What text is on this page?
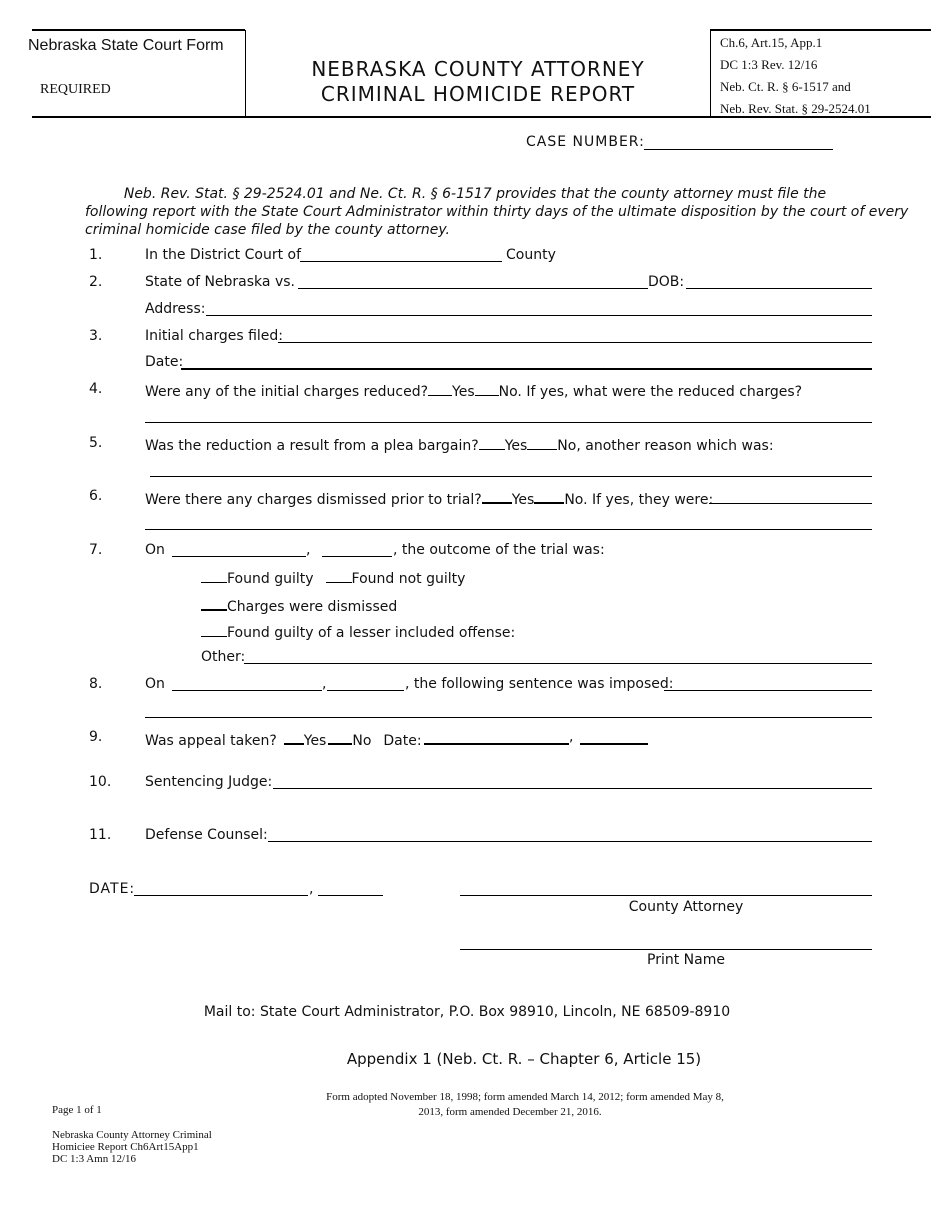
Nebraska State Court Form
REQUIRED
NEBRASKA COUNTY ATTORNEY
CRIMINAL HOMICIDE REPORT
Ch.6, Art.15, App.1
DC 1:3 Rev. 12/16
Neb. Ct. R. § 6-1517 and
Neb. Rev. Stat. § 29-2524.01
CASE NUMBER:
Neb. Rev. Stat. § 29-2524.01 and Ne. Ct. R. § 6-1517 provides that the county attorney must file the
following report with the State Court Administrator within thirty days of the ultimate disposition by the court of every
criminal homicide case filed by the county attorney.
1.	In the District Court of	County
2.	State of Nebraska vs.	DOB:
Address:
3.	Initial charges filed:
Date:
4.	Were any of the initial charges reduced? Yes No. If yes, what were the reduced charges?
5.	Was the reduction a result from a plea bargain? Yes No, another reason which was:
6.	Were there any charges dismissed prior to trial? Yes No. If yes, they were:
7.	On	,	, the outcome of the trial was:
Found guilty	Found not guilty
Charges were dismissed
Found guilty of a lesser included offense:
Other:
8.	On	,	, the following sentence was imposed:
9.	Was appeal taken? Yes No Date:	,
10. Sentencing Judge:
11. Defense Counsel:
DATE:	,
County Attorney
Print Name
Mail to: State Court Administrator, P.O. Box 98910, Lincoln, NE 68509-8910
Appendix 1 (Neb. Ct. R. – Chapter 6, Article 15)
Form adopted November 18, 1998; form amended March 14, 2012; form amended May 8,
2013, form amended December 21, 2016.
Page 1 of 1
Nebraska County Attorney Criminal
Homiciee Report Ch6Art15App1
DC 1:3 Amn 12/16
